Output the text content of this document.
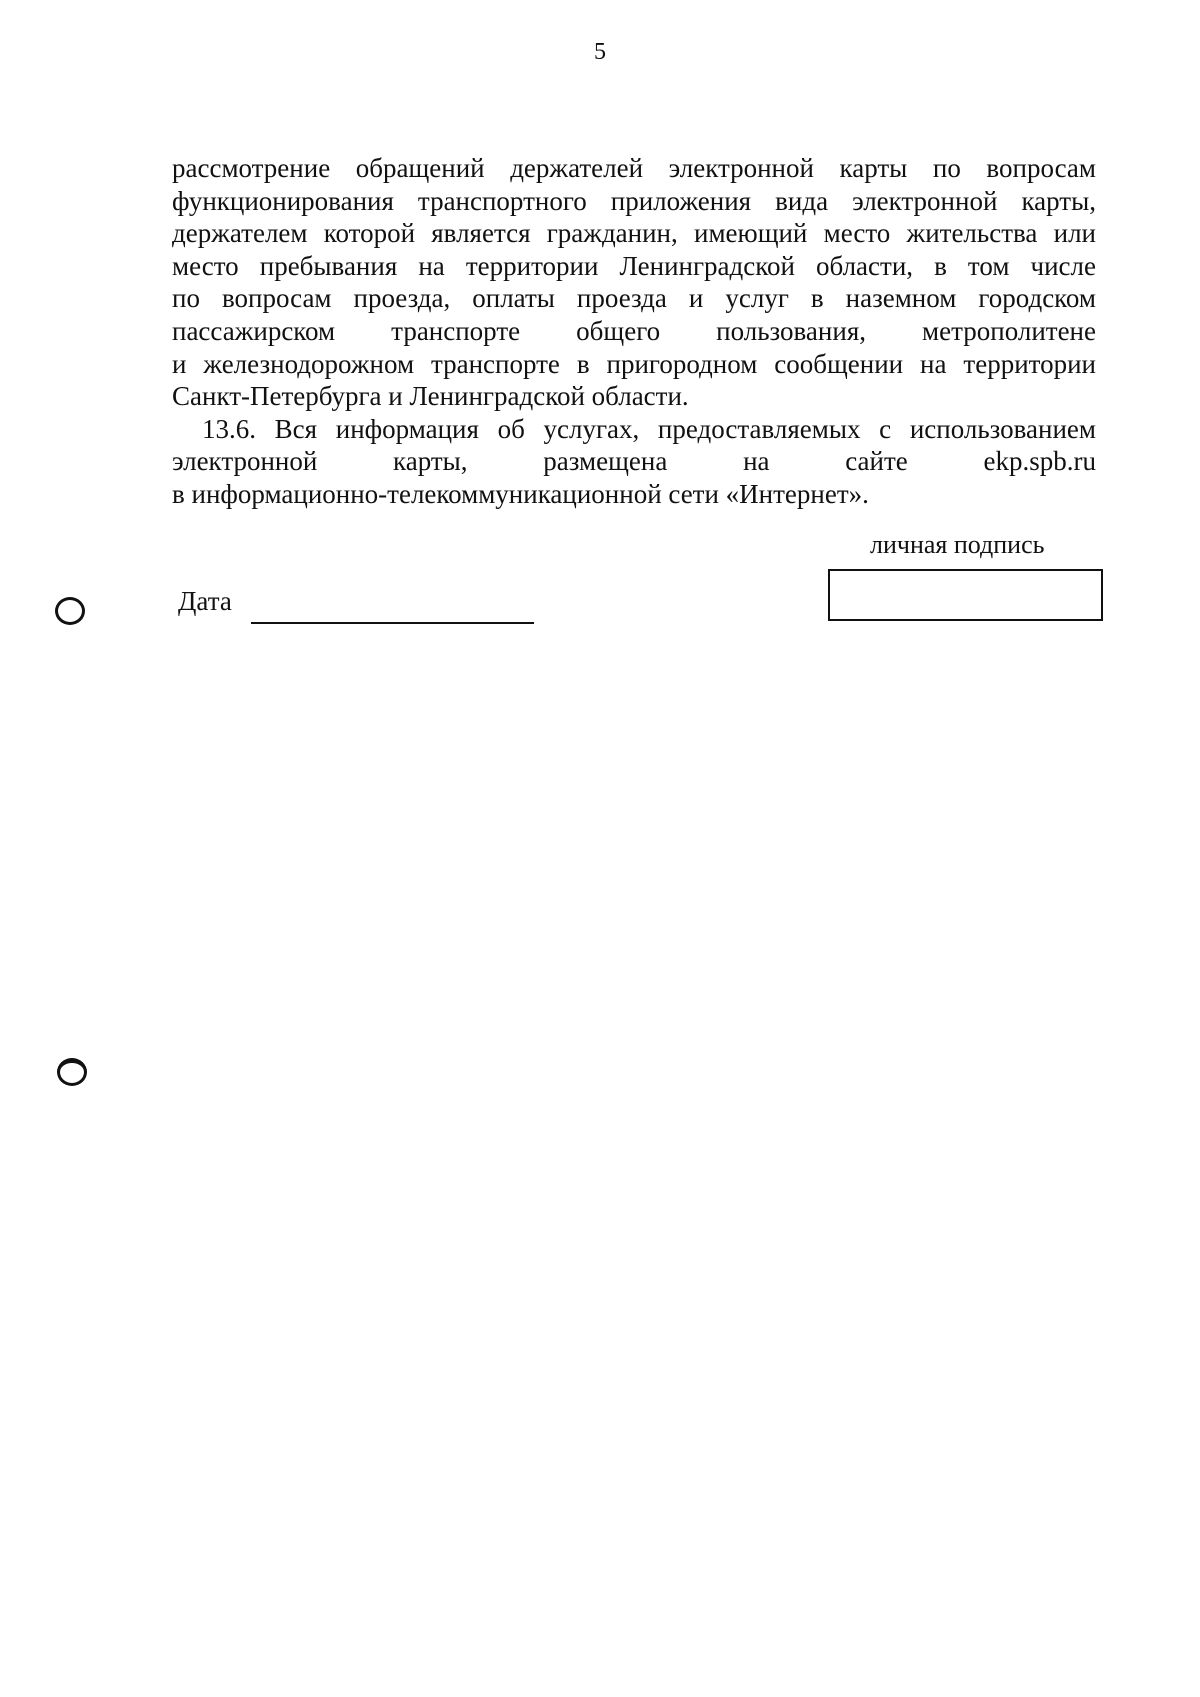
5
рассмотрение обращений держателей электронной карты по вопросам
функционирования транспортного приложения вида электронной карты,
держателем которой является гражданин, имеющий место жительства или
место пребывания на территории Ленинградской области, в том числе
по вопросам проезда, оплаты проезда и услуг в наземном городском
пассажирском транспорте общего пользования, метрополитене
и железнодорожном транспорте в пригородном сообщении на территории
Санкт-Петербурга и Ленинградской области.
13.6. Вся информация об услугах, предоставляемых с использованием
электронной карты, размещена на сайте ekp.spb.ru
в информационно-телекоммуникационной сети «Интернет».
личная подпись
Дата
